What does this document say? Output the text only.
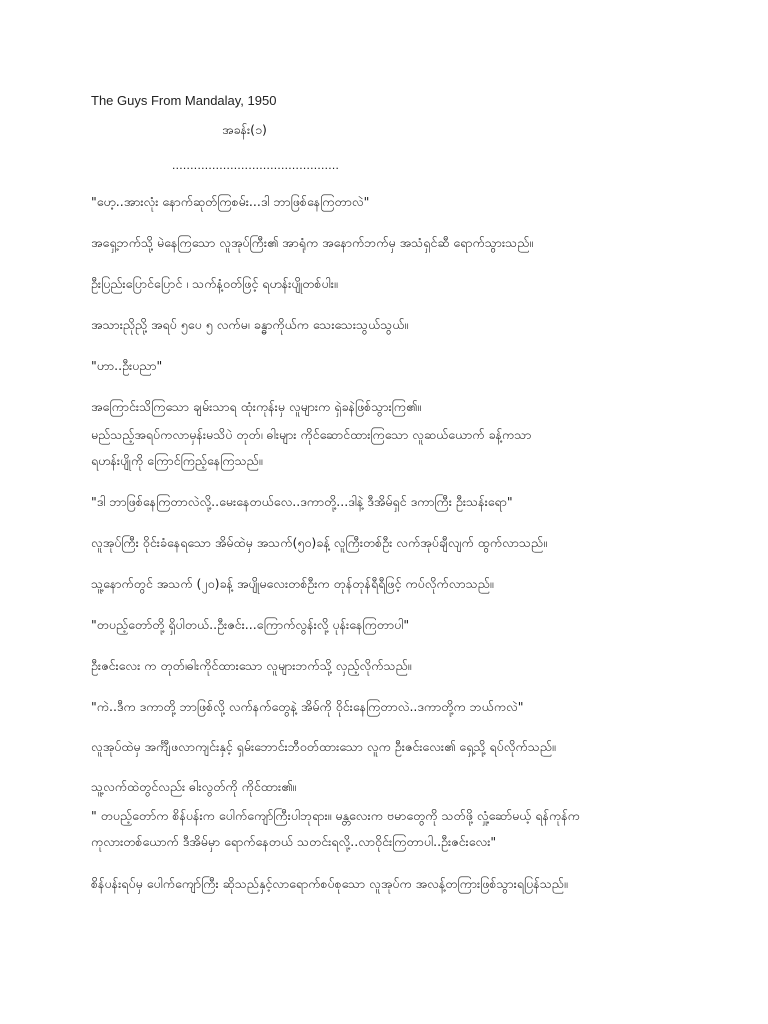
The Guys From Mandalay, 1950
အခန်း(၁)
..............................................
"ဟေ့..အားလုံး နောက်ဆုတ်ကြစမ်း...ဒါ ဘာဖြစ်နေကြတာလဲ"
အရှေ့ဘက်သို့ မဲနေကြသော လူအုပ်ကြီး၏ အာရုံက အနောက်ဘက်မှ အသံရှင်ဆီ ရောက်သွားသည်။
ဦးပြည်းပြောင်ပြောင် ၊ သက်နံ့ဝတ်ဖြင့် ရဟန်းပျိုတစ်ပါး။
အသားညိုညို့ အရပ် ၅ပေ ၅ လက်မ၊ ခန္ဓာကိုယ်က သေးသေးသွယ်သွယ်။
"ဟာ..ဦးပညာ"
အကြောင်းသိကြသော ချမ်းသာရ ထုံးကုန်းမှ လူများက ရှဲခနဲဖြစ်သွားကြ၏။
မည်သည့်အရပ်ကလာမှန်းမသိပဲ တုတ်၊ ဓါးများ ကိုင်ဆောင်ထားကြသော လူဆယ်ယောက် ခန့်ကသာ
ရဟန်းပျိုကို ကြောင်ကြည့်နေကြသည်။
"ဒါ ဘာဖြစ်နေကြတာလဲလို့..မေးနေတယ်လေ..ဒကာတို့...ဒါနဲ့ ဒီအိမ်ရှင် ဒကာကြီး ဦးသန်းရော"
လူအုပ်ကြီး ဝိုင်းခံနေရသော အိမ်ထဲမှ အသက်(၅၀)ခန့် လူကြီးတစ်ဦး လက်အုပ်ချီလျက် ထွက်လာသည်။
သူ့နောက်တွင် အသက် (၂၀)ခန့် အပျိုမလေးတစ်ဦးက တုန်တုန်ရီရီဖြင့် ကပ်လိုက်လာသည်။
"တပည့်တော်တို့ ရှိပါတယ်..ဦးဇင်း...ကြောက်လွန်းလို့ ပုန်းနေကြတာပါ"
ဦးဇင်းလေး က တုတ်၊ဓါးကိုင်ထားသော လူများဘက်သို့ လှည့်လိုက်သည်။
"ကဲ..ဒီက ဒကာတို့ ဘာဖြစ်လို့ လက်နက်တွေနဲ့ အိမ်ကို ဝိုင်းနေကြတာလဲ..ဒကာတို့က ဘယ်ကလဲ"
လူအုပ်ထဲမှ အင်္ကျီဖလာကျင်းနှင့် ရှမ်းဘောင်းဘီဝတ်ထားသော လူက ဦးဇင်းလေး၏ ရှေ့သို့ ရပ်လိုက်သည်။
သူ့လက်ထဲတွင်လည်း ဓါးလွတ်ကို ကိုင်ထား၏။
" တပည့်တော်က စိန်ပန်းက ပေါက်ကျော်ကြီးပါဘုရား။ မန္တလေးက ဗမာတွေကို သတ်ဖို့ လှုံ့ဆော်မယ့် ရန်ကုန်က
ကုလားတစ်ယောက် ဒီအိမ်မှာ ရောက်နေတယ် သတင်းရလို့..လာဝိုင်းကြတာပါ..ဦးဇင်းလေး"
စိန်ပန်းရပ်မှ ပေါက်ကျော်ကြီး ဆိုသည်နှင့်လာရောက်စပ်စုသော လူအုပ်က အလန့်တကြားဖြစ်သွားရပြန်သည်။
